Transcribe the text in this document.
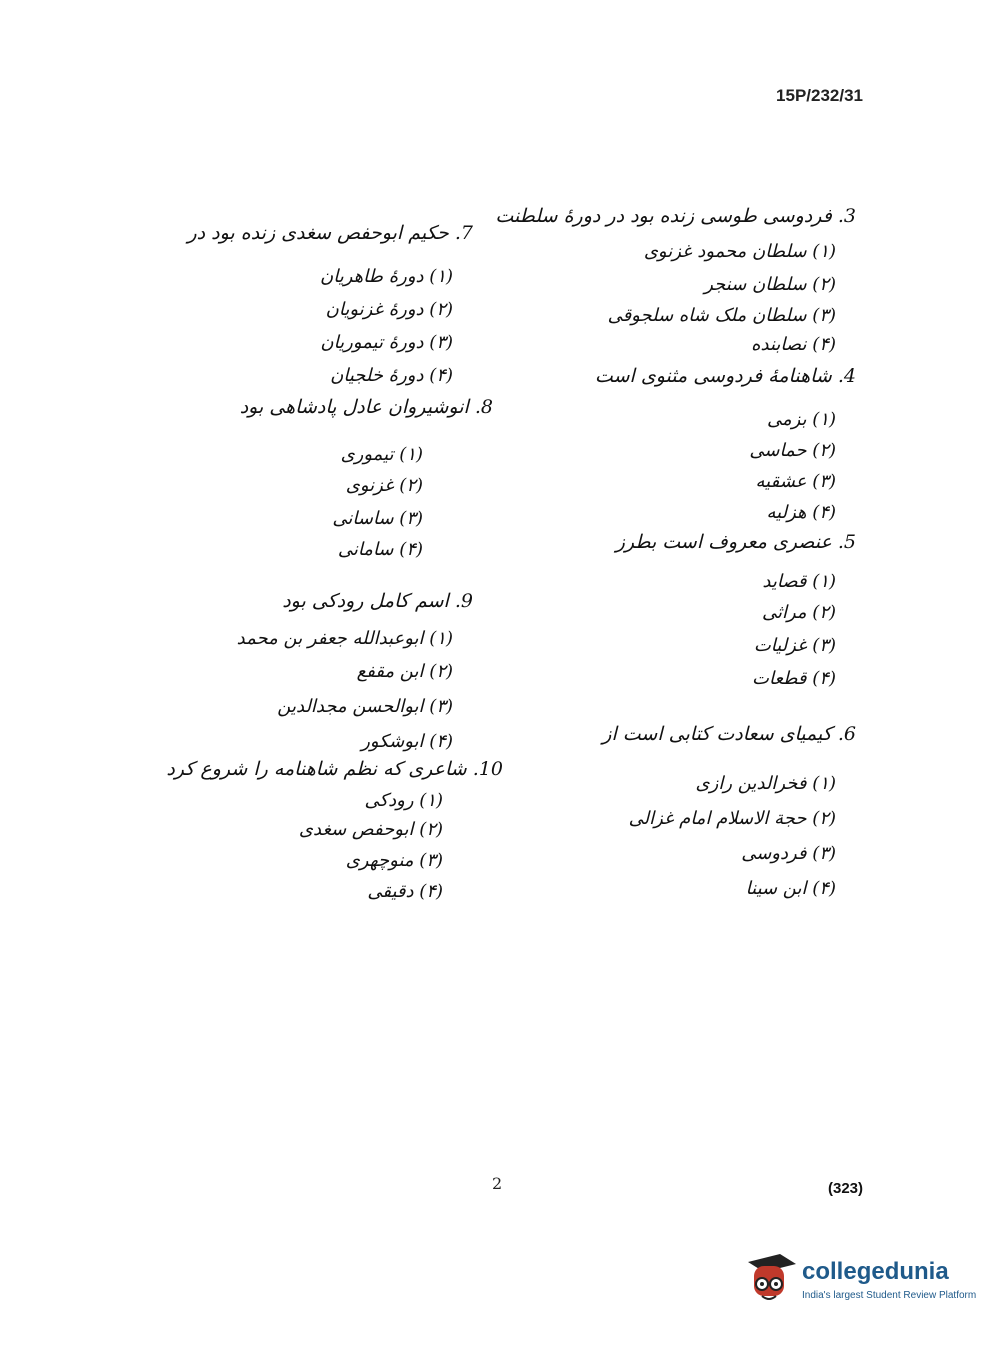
15P/232/31

3. فردوسی طوسی زنده بود در دورهٔ سلطنت

(۱) سلطان محمود غزنوی

(۲) سلطان سنجر

(۳) سلطان ملک شاه سلجوقی

(۴) نصابنده

4. شاهنامهٔ فردوسی مثنوی است

(۱) بزمی

(۲) حماسی

(۳) عشقیه

(۴) هزلیه

5. عنصری معروف است بطرز

(۱) قصاید

(۲) مراثی

(۳) غزلیات

(۴) قطعات

6. کیمیای سعادت کتابی است از

(۱) فخرالدین رازی

(۲) حجة الاسلام امام غزالی

(۳) فردوسی

(۴) ابن سینا

7. حکیم ابوحفص سغدی زنده بود در

(۱) دورهٔ طاهریان

(۲) دورهٔ غزنویان

(۳) دورهٔ تیموریان

(۴) دورهٔ خلجیان

8. انوشیروان عادل پادشاهی بود

(۱) تیموری

(۲) غزنوی

(۳) ساسانی

(۴) سامانی

9. اسم کامل رودکی بود

(۱) ابوعبدالله جعفر بن محمد

(۲) ابن مقفع

(۳) ابوالحسن مجدالدین

(۴) ابوشکور

10. شاعری که نظم شاهنامه را شروع کرد

(۱) رودکی

(۲) ابوحفص سغدی

(۳) منوچهری

(۴) دقیقی

2	(323)
collegedunia
India's largest Student Review Platform
